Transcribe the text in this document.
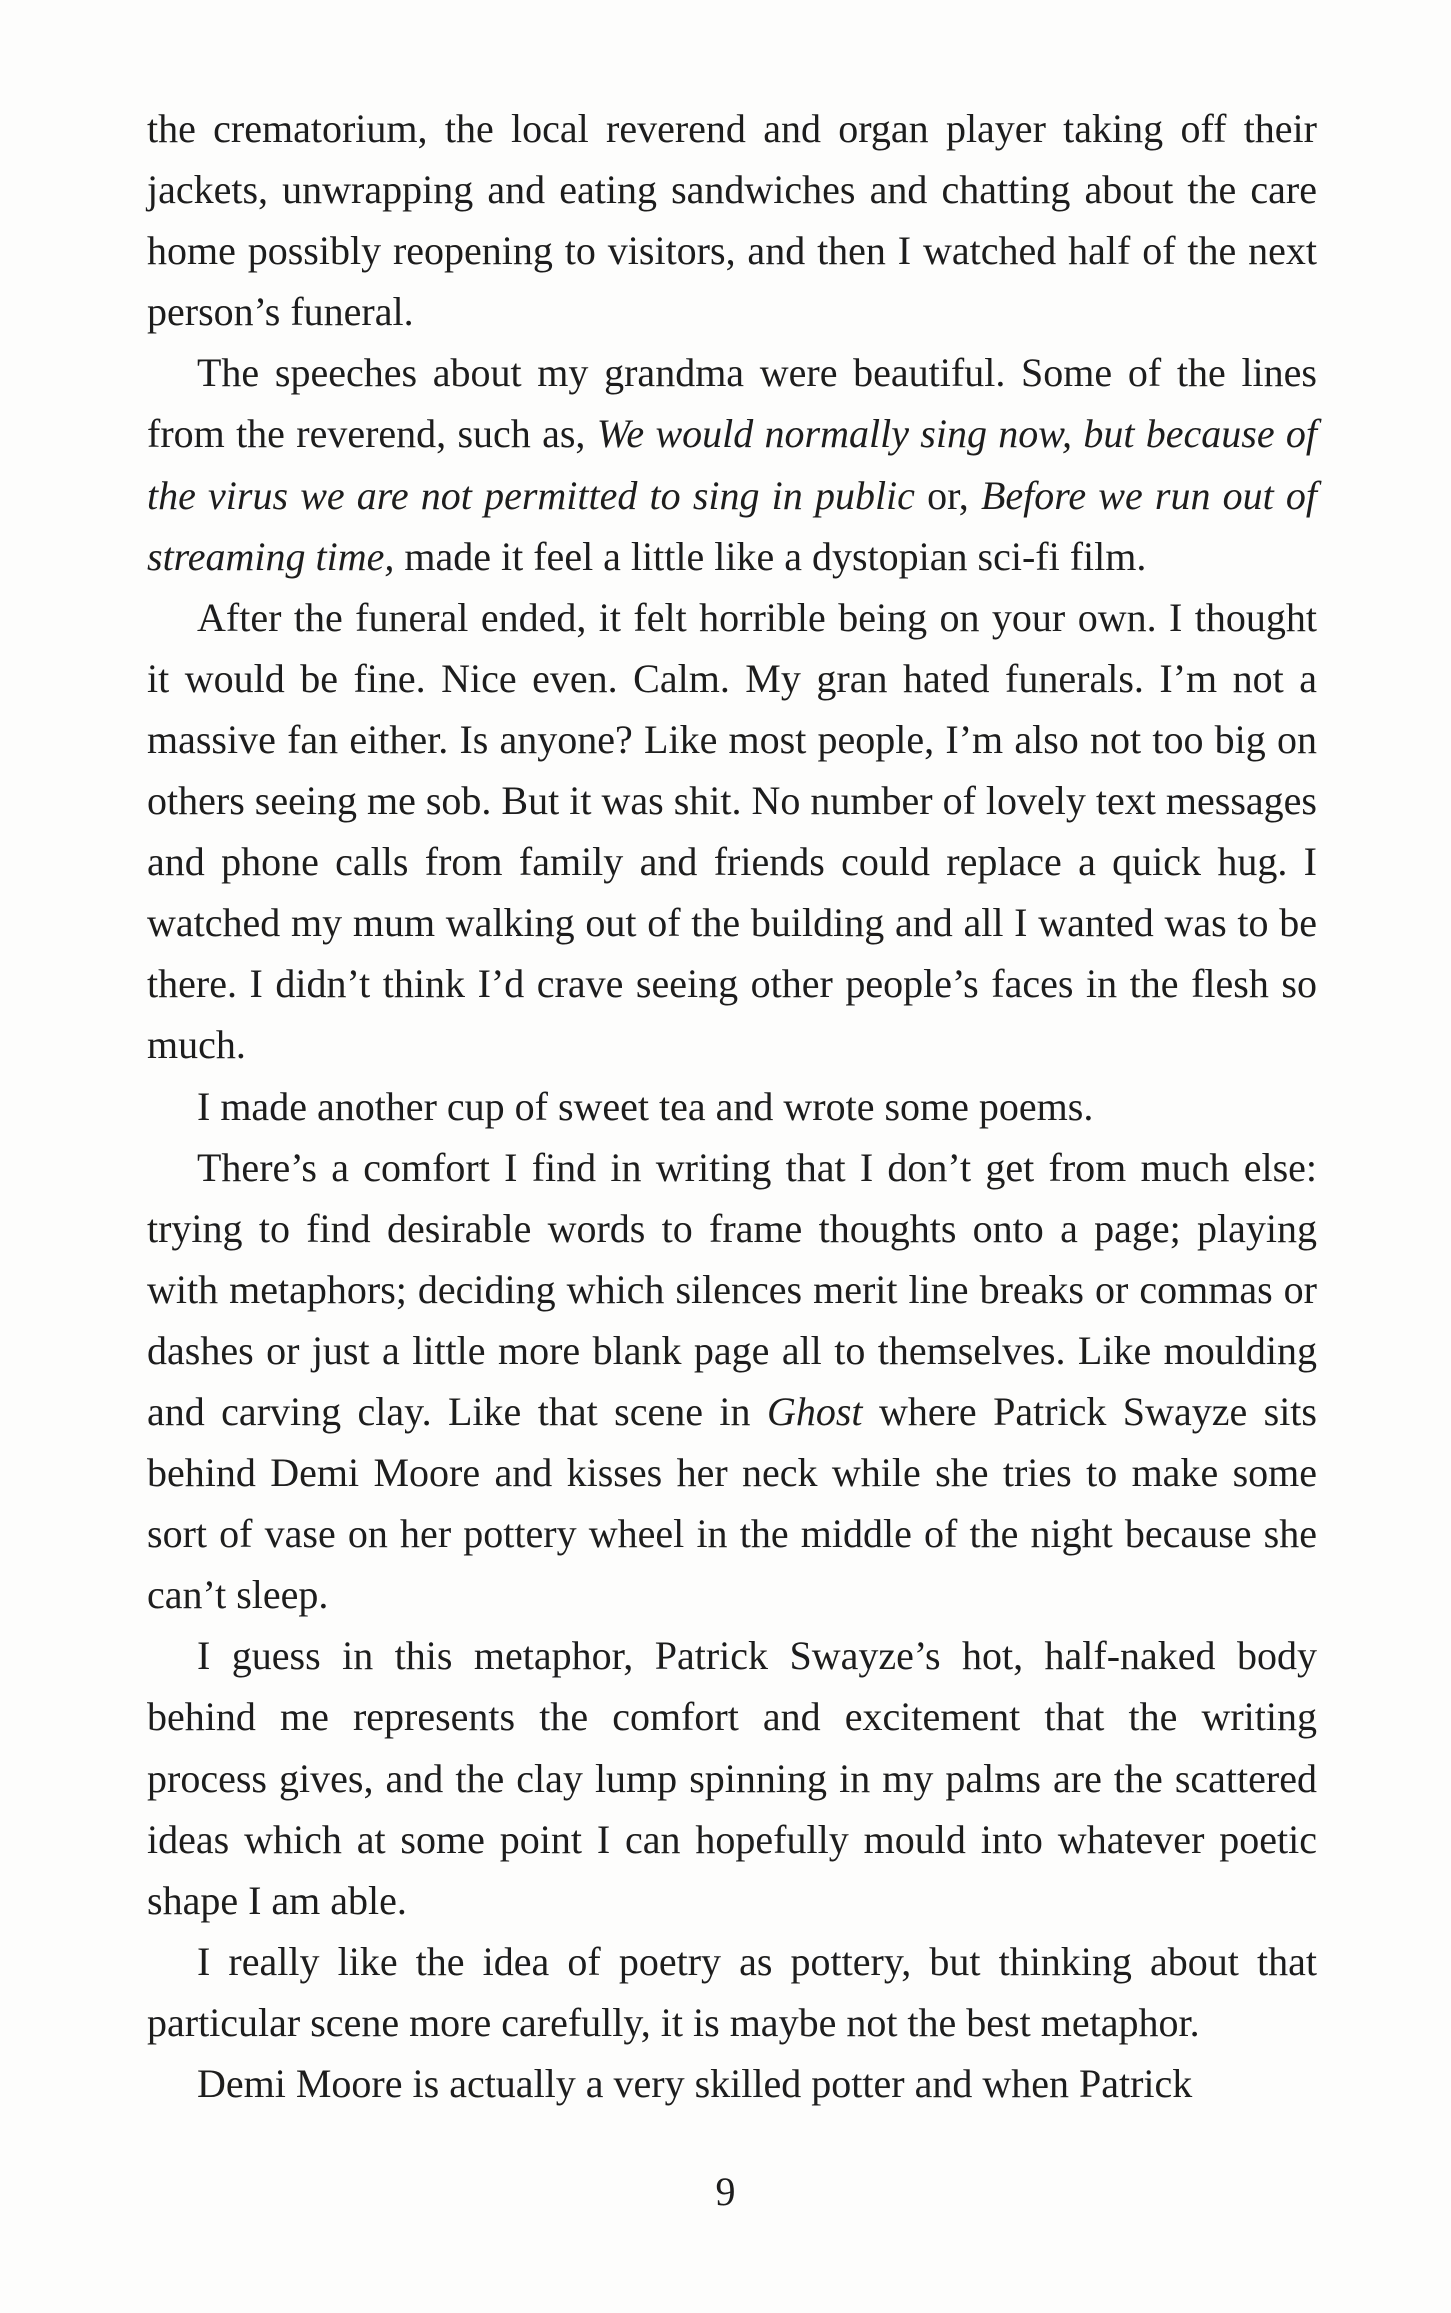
the crematorium, the local reverend and organ player taking off their jackets, unwrapping and eating sandwiches and chatting about the care home possibly reopening to visitors, and then I watched half of the next person’s funeral.

The speeches about my grandma were beautiful. Some of the lines from the reverend, such as, We would normally sing now, but because of the virus we are not permitted to sing in public or, Before we run out of streaming time, made it feel a little like a dystopian sci-fi film.

After the funeral ended, it felt horrible being on your own. I thought it would be fine. Nice even. Calm. My gran hated funerals. I’m not a massive fan either. Is anyone? Like most people, I’m also not too big on others seeing me sob. But it was shit. No number of lovely text messages and phone calls from family and friends could replace a quick hug. I watched my mum walking out of the building and all I wanted was to be there. I didn’t think I’d crave seeing other people’s faces in the flesh so much.

I made another cup of sweet tea and wrote some poems.

There’s a comfort I find in writing that I don’t get from much else: trying to find desirable words to frame thoughts onto a page; playing with metaphors; deciding which silences merit line breaks or commas or dashes or just a little more blank page all to themselves. Like moulding and carving clay. Like that scene in Ghost where Patrick Swayze sits behind Demi Moore and kisses her neck while she tries to make some sort of vase on her pottery wheel in the middle of the night because she can’t sleep.

I guess in this metaphor, Patrick Swayze’s hot, half-naked body behind me represents the comfort and excitement that the writing process gives, and the clay lump spinning in my palms are the scattered ideas which at some point I can hopefully mould into whatever poetic shape I am able.

I really like the idea of poetry as pottery, but thinking about that particular scene more carefully, it is maybe not the best metaphor.

Demi Moore is actually a very skilled potter and when Patrick

9
